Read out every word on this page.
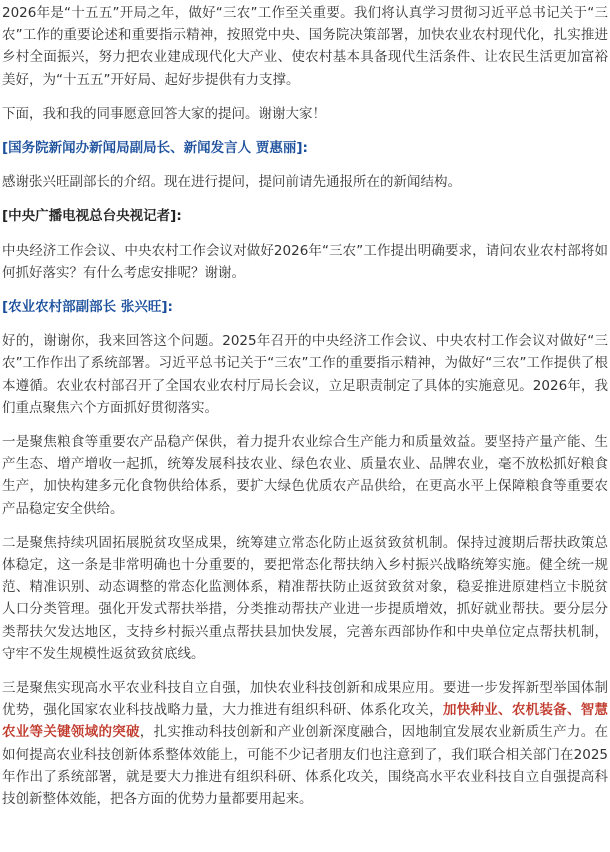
2026年是“十五五”开局之年，做好“三农”工作至关重要。我们将认真学习贯彻习近平总书记关于“三农”工作的重要论述和重要指示精神，按照党中央、国务院决策部署，加快农业农村现代化，扎实推进乡村全面振兴，努力把农业建成现代化大产业、使农村基本具备现代生活条件、让农民生活更加富裕美好，为“十五五”开好局、起好步提供有力支撑。

下面，我和我的同事愿意回答大家的提问。谢谢大家！

[国务院新闻办新闻局副局长、新闻发言人 贾惠丽]:

感谢张兴旺副部长的介绍。现在进行提问，提问前请先通报所在的新闻结构。

[中央广播电视总台央视记者]:

中央经济工作会议、中央农村工作会议对做好2026年“三农”工作提出明确要求，请问农业农村部将如何抓好落实？有什么考虑安排呢？谢谢。

[农业农村部副部长 张兴旺]:

好的，谢谢你，我来回答这个问题。2025年召开的中央经济工作会议、中央农村工作会议对做好“三农”工作作出了系统部署。习近平总书记关于“三农”工作的重要指示精神，为做好“三农”工作提供了根本遵循。农业农村部召开了全国农业农村厅局长会议，立足职责制定了具体的实施意见。2026年，我们重点聚焦六个方面抓好贯彻落实。

一是聚焦粮食等重要农产品稳产保供，着力提升农业综合生产能力和质量效益。要坚持产量产能、生产生态、增产增收一起抓，统筹发展科技农业、绿色农业、质量农业、品牌农业，毫不放松抓好粮食生产，加快构建多元化食物供给体系，要扩大绿色优质农产品供给，在更高水平上保障粮食等重要农产品稳定安全供给。

二是聚焦持续巩固拓展脱贫攻坚成果，统筹建立常态化防止返贫致贫机制。保持过渡期后帮扶政策总体稳定，这一条是非常明确也十分重要的，要把常态化帮扶纳入乡村振兴战略统筹实施。健全统一规范、精准识别、动态调整的常态化监测体系，精准帮扶防止返贫致贫对象，稳妥推进原建档立卡脱贫人口分类管理。强化开发式帮扶举措，分类推动帮扶产业进一步提质增效，抓好就业帮扶。要分层分类帮扶欠发达地区，支持乡村振兴重点帮扶县加快发展，完善东西部协作和中央单位定点帮扶机制，守牢不发生规模性返贫致贫底线。

三是聚焦实现高水平农业科技自立自强，加快农业科技创新和成果应用。要进一步发挥新型举国体制优势，强化国家农业科技战略力量，大力推进有组织科研、体系化攻关，加快种业、农机装备、智慧农业等关键领域的突破，扎实推动科技创新和产业创新深度融合，因地制宜发展农业新质生产力。在如何提高农业科技创新体系整体效能上，可能不少记者朋友们也注意到了，我们联合相关部门在2025年作出了系统部署，就是要大力推进有组织科研、体系化攻关，围绕高水平农业科技自立自强提高科技创新整体效能，把各方面的优势力量都要用起来。
